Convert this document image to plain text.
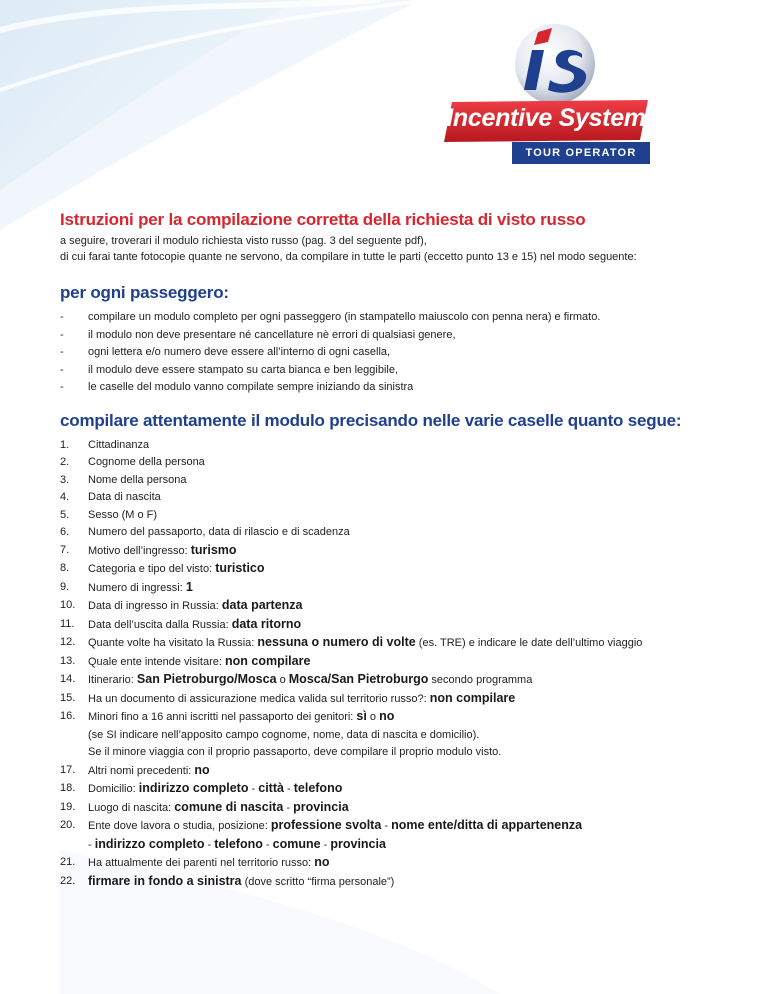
Incentive System
TOUR OPERATOR
Istruzioni per la compilazione corretta della richiesta di visto russo
a seguire, troverari il modulo richiesta visto russo (pag. 3 del seguente pdf),
di cui farai tante fotocopie quante ne servono, da compilare in tutte le parti (eccetto punto 13 e 15) nel modo seguente:
per ogni passeggero:
- compilare un modulo completo per ogni passeggero (in stampatello maiuscolo con penna nera) e firmato.
- il modulo non deve presentare né cancellature nè errori di qualsiasi genere,
- ogni lettera e/o numero deve essere all’interno di ogni casella,
- il modulo deve essere stampato su carta bianca e ben leggibile,
- le caselle del modulo vanno compilate sempre iniziando da sinistra
compilare attentamente il modulo precisando nelle varie caselle quanto segue:
1. Cittadinanza
2. Cognome della persona
3. Nome della persona
4. Data di nascita
5. Sesso (M o F)
6. Numero del passaporto, data di rilascio e di scadenza
7. Motivo dell’ingresso: turismo
8. Categoria e tipo del visto: turistico
9. Numero di ingressi: 1
10. Data di ingresso in Russia: data partenza
11. Data dell’uscita dalla Russia: data ritorno
12. Quante volte ha visitato la Russia: nessuna o numero di volte (es. TRE) e indicare le date dell’ultimo viaggio
13. Quale ente intende visitare: non compilare
14. Itinerario: San Pietroburgo/Mosca o Mosca/San Pietroburgo secondo programma
15. Ha un documento di assicurazione medica valida sul territorio russo?: non compilare
16. Minori fino a 16 anni iscritti nel passaporto dei genitori: sì o no
(se SI indicare nell’apposito campo cognome, nome, data di nascita e domicilio).
Se il minore viaggia con il proprio passaporto, deve compilare il proprio modulo visto.
17. Altri nomi precedenti: no
18. Domicilio: indirizzo completo - città - telefono
19. Luogo di nascita: comune di nascita - provincia
20. Ente dove lavora o studia, posizione: professione svolta - nome ente/ditta di appartenenza
- indirizzo completo - telefono - comune - provincia
21. Ha attualmente dei parenti nel territorio russo: no
22. firmare in fondo a sinistra (dove scritto “firma personale”)
